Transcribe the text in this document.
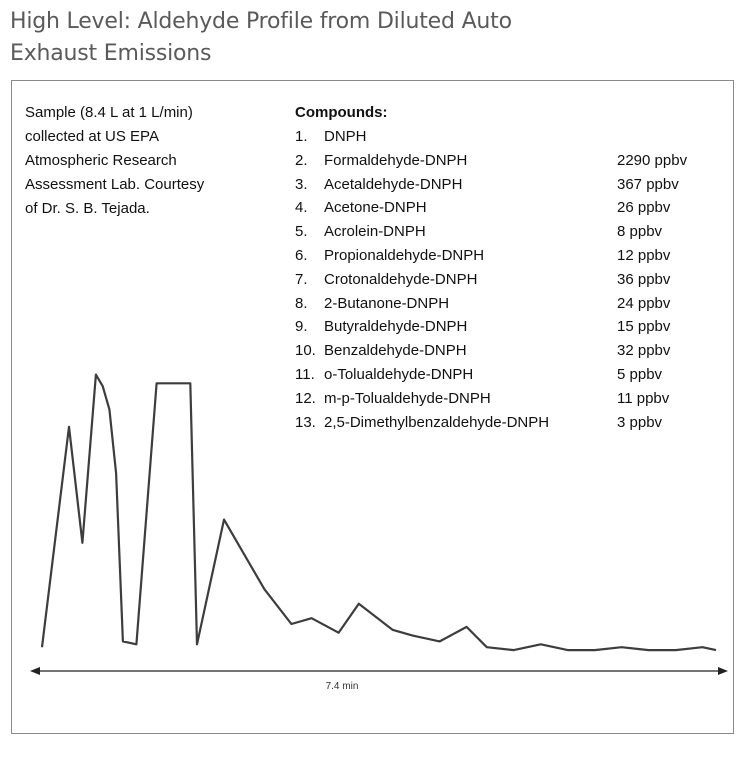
High Level: Aldehyde Profile from Diluted Auto Exhaust Emissions
7.4 min
Sample (8.4 L at 1 L/min)
collected at US EPA
Atmospheric Research
Assessment Lab. Courtesy
of Dr. S. B. Tejada.
Compounds:
1. DNPH
2. Formaldehyde-DNPH	2290 ppbv
3. Acetaldehyde-DNPH	367 ppbv
4. Acetone-DNPH	26 ppbv
5. Acrolein-DNPH	8 ppbv
6. Propionaldehyde-DNPH	12 ppbv
7. Crotonaldehyde-DNPH	36 ppbv
8. 2-Butanone-DNPH	24 ppbv
9. Butyraldehyde-DNPH	15 ppbv
10. Benzaldehyde-DNPH	32 ppbv
11. o-Tolualdehyde-DNPH	5 ppbv
12. m-p-Tolualdehyde-DNPH	11 ppbv
13. 2,5-Dimethylbenzaldehyde-DNPH	3 ppbv
